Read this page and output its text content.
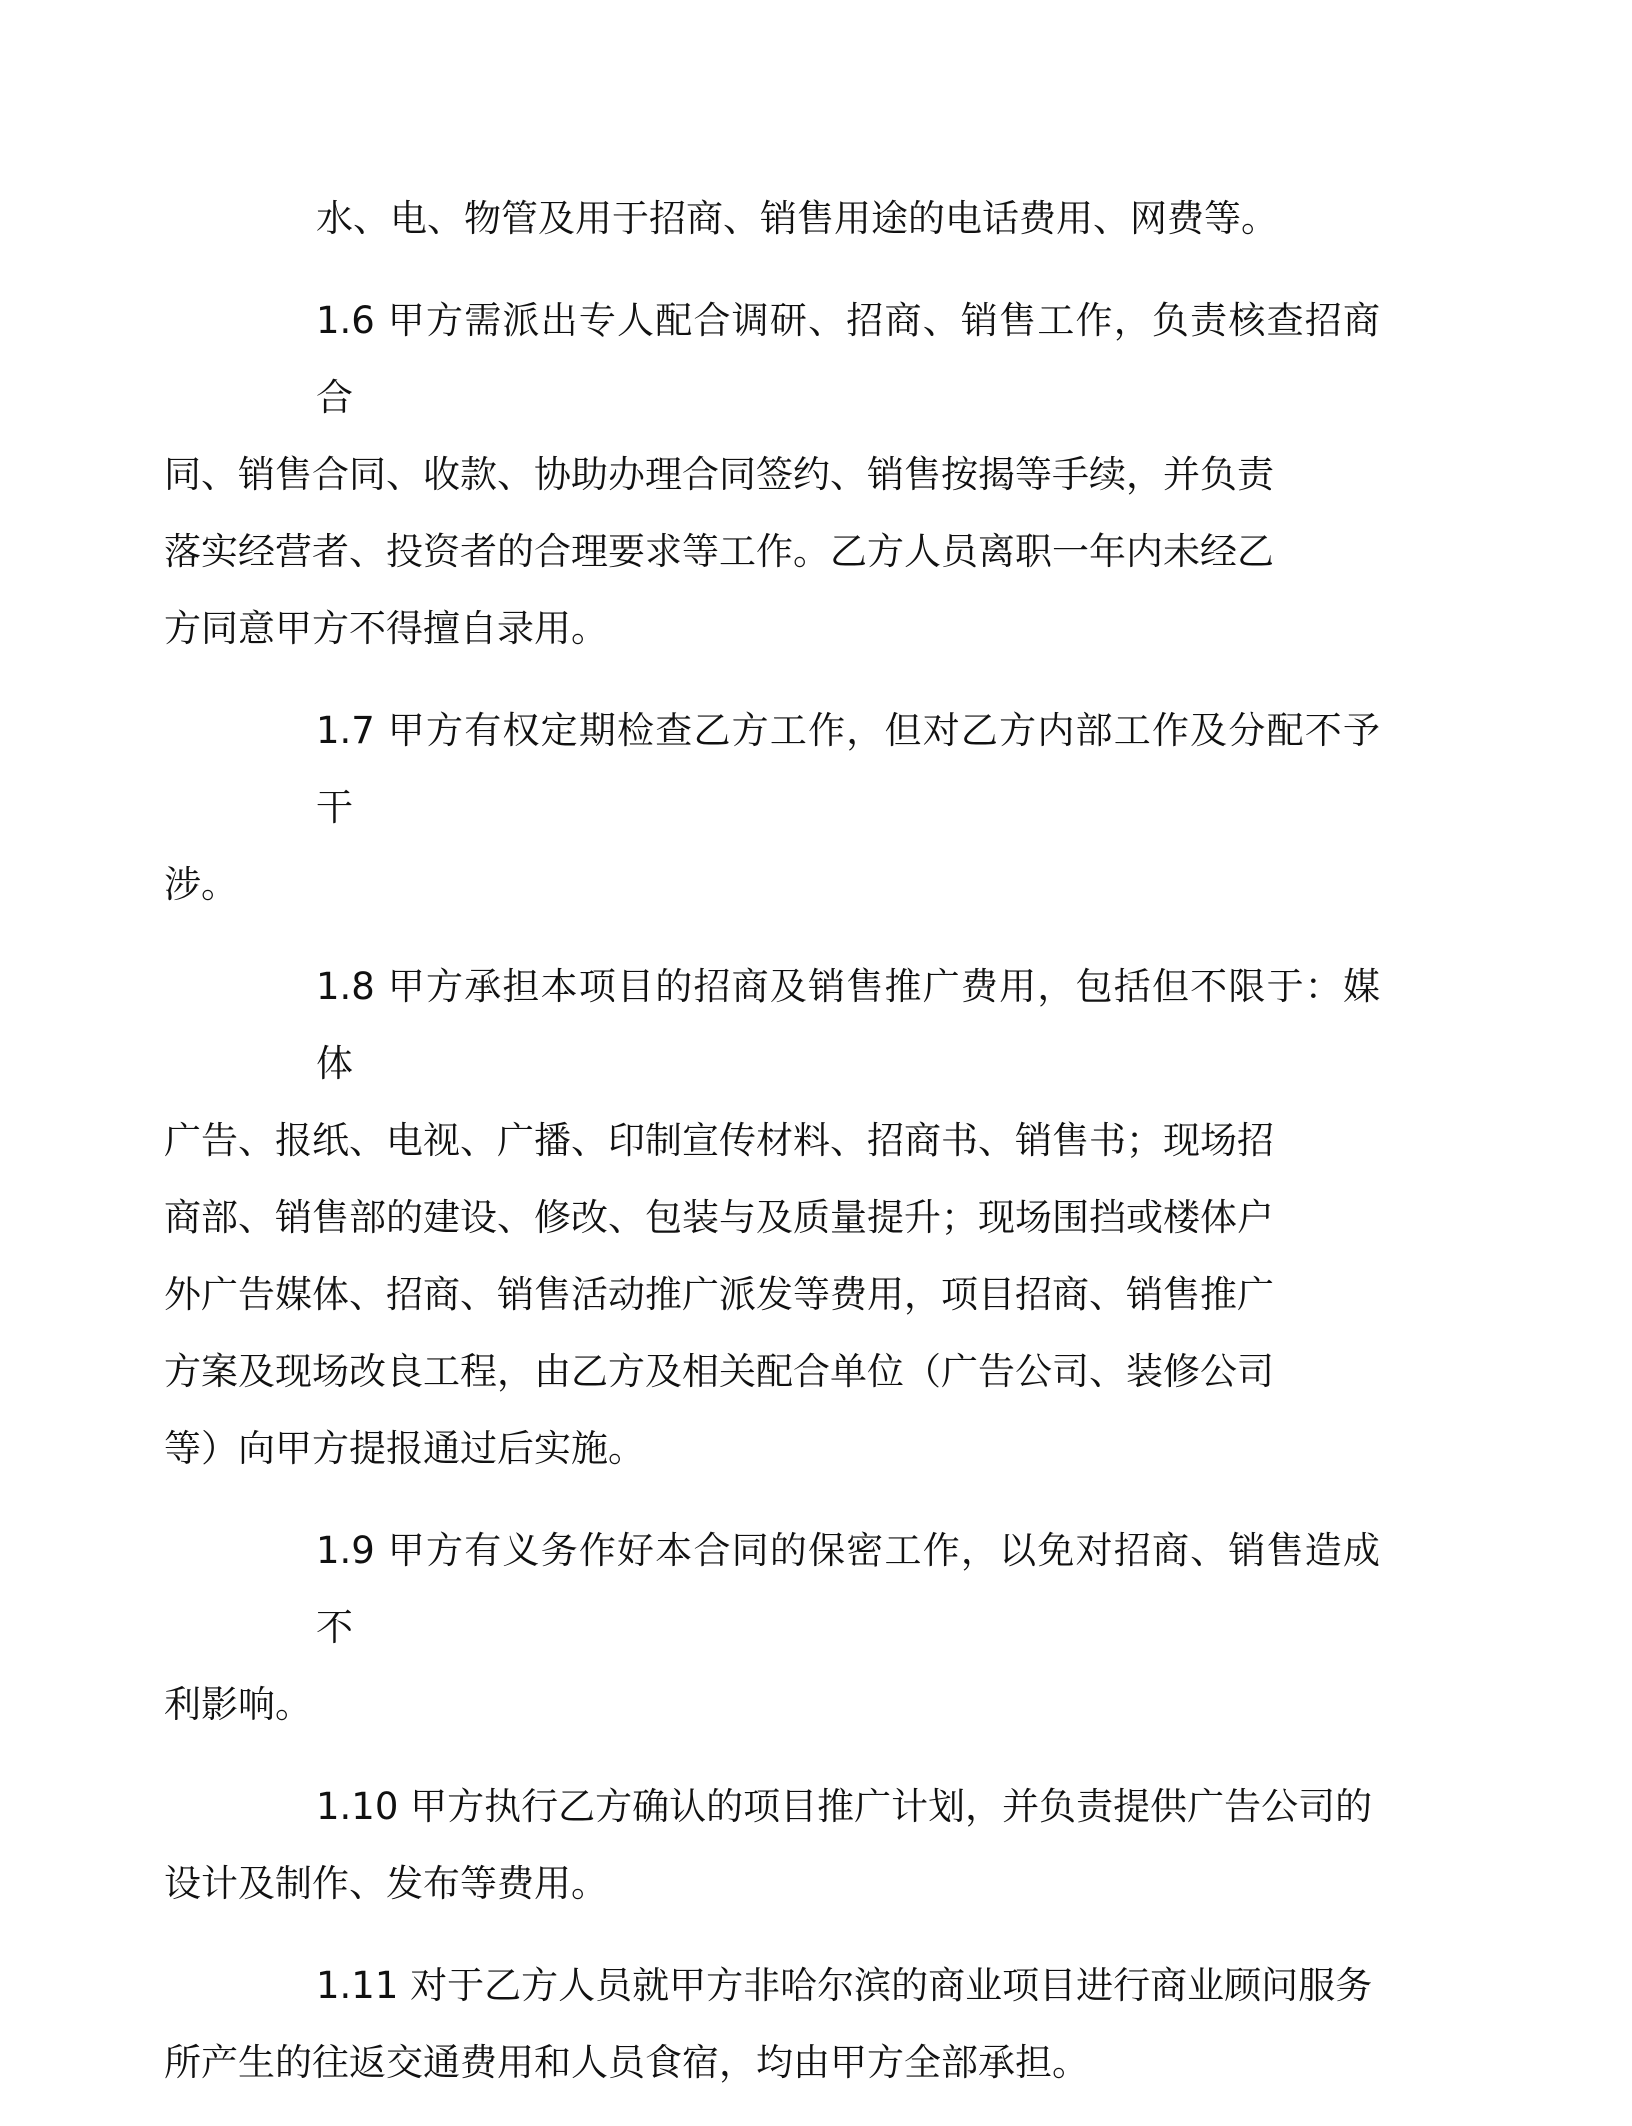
水、电、物管及用于招商、销售用途的电话费用、网费等。
1.6 甲方需派出专人配合调研、招商、销售工作，负责核查招商合
同、销售合同、收款、协助办理合同签约、销售按揭等手续，并负责
落实经营者、投资者的合理要求等工作。乙方人员离职一年内未经乙
方同意甲方不得擅自录用。
1.7 甲方有权定期检查乙方工作，但对乙方内部工作及分配不予干
涉。
1.8 甲方承担本项目的招商及销售推广费用，包括但不限于：媒体
广告、报纸、电视、广播、印制宣传材料、招商书、销售书；现场招
商部、销售部的建设、修改、包装与及质量提升；现场围挡或楼体户
外广告媒体、招商、销售活动推广派发等费用，项目招商、销售推广
方案及现场改良工程，由乙方及相关配合单位（广告公司、装修公司
等）向甲方提报通过后实施。
1.9 甲方有义务作好本合同的保密工作，以免对招商、销售造成不
利影响。
1.10 甲方执行乙方确认的项目推广计划，并负责提供广告公司的
设计及制作、发布等费用。
1.11 对于乙方人员就甲方非哈尔滨的商业项目进行商业顾问服务
所产生的往返交通费用和人员食宿，均由甲方全部承担。
